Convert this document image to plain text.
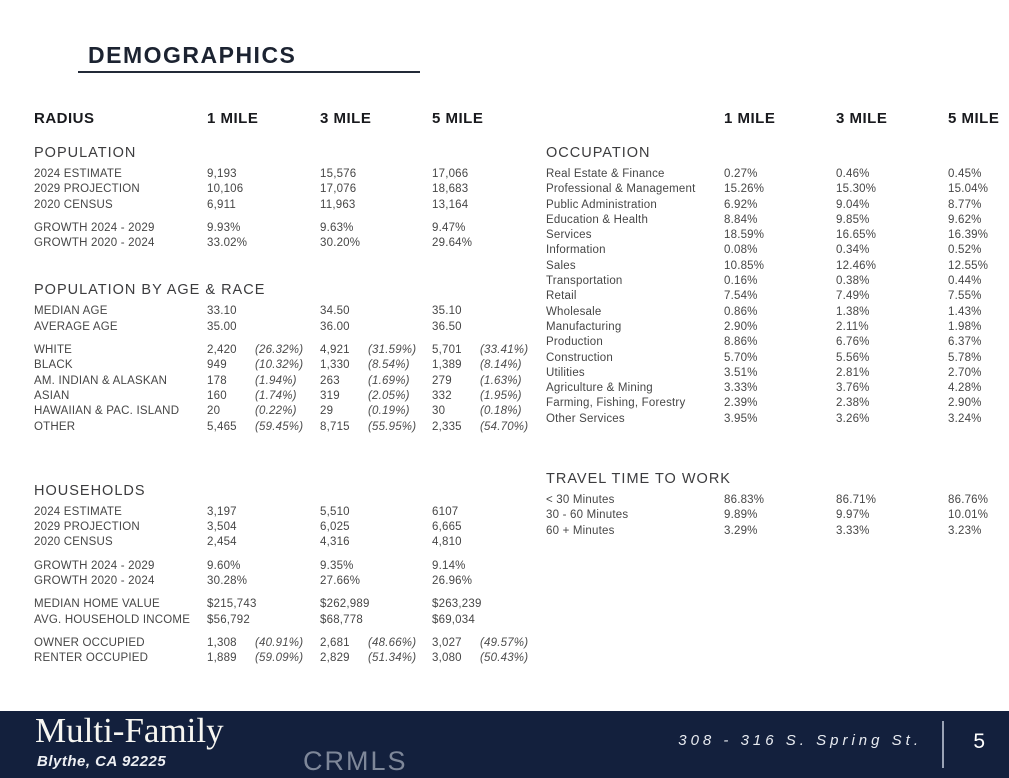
DEMOGRAPHICS
RADIUS	1 MILE	3 MILE	5 MILE
POPULATION
2024 ESTIMATE	9,193	15,576	17,066
2029 PROJECTION	10,106	17,076	18,683
2020 CENSUS	6,911	11,963	13,164
GROWTH 2024 - 2029	9.93%	9.63%	9.47%
GROWTH 2020 - 2024	33.02%	30.20%	29.64%
POPULATION BY AGE & RACE
MEDIAN AGE	33.10	34.50	35.10
AVERAGE AGE	35.00	36.00	36.50
WHITE	2,420	(26.32%) 4,921	(31.59%) 5,701	(33.41%)
BLACK	949	(10.32%) 1,330	(8.54%) 1,389	(8.14%)
AM. INDIAN & ALASKAN	178	(1.94%) 263	(1.69%) 279	(1.63%)
ASIAN	160	(1.74%) 319	(2.05%) 332	(1.95%)
HAWAIIAN & PAC. ISLAND	20	(0.22%) 29	(0.19%) 30	(0.18%)
OTHER	5,465	(59.45%) 8,715	(55.95%) 2,335	(54.70%)
HOUSEHOLDS
2024 ESTIMATE	3,197	5,510	6107
2029 PROJECTION	3,504	6,025	6,665
2020 CENSUS	2,454	4,316	4,810
GROWTH 2024 - 2029	9.60%	9.35%	9.14%
GROWTH 2020 - 2024	30.28%	27.66%	26.96%
MEDIAN HOME VALUE	$215,743	$262,989	$263,239
AVG. HOUSEHOLD INCOME	$56,792	$68,778	$69,034
OWNER OCCUPIED	1,308	(40.91%) 2,681	(48.66%) 3,027	(49.57%)
RENTER OCCUPIED	1,889	(59.09%) 2,829	(51.34%) 3,080	(50.43%)
1 MILE	3 MILE	5 MILE
OCCUPATION
Real Estate & Finance	0.27%	0.46%	0.45%
Professional & Management	15.26%	15.30%	15.04%
Public Administration	6.92%	9.04%	8.77%
Education & Health	8.84%	9.85%	9.62%
Services	18.59%	16.65%	16.39%
Information	0.08%	0.34%	0.52%
Sales	10.85%	12.46%	12.55%
Transportation	0.16%	0.38%	0.44%
Retail	7.54%	7.49%	7.55%
Wholesale	0.86%	1.38%	1.43%
Manufacturing	2.90%	2.11%	1.98%
Production	8.86%	6.76%	6.37%
Construction	5.70%	5.56%	5.78%
Utilities	3.51%	2.81%	2.70%
Agriculture & Mining	3.33%	3.76%	4.28%
Farming, Fishing, Forestry	2.39%	2.38%	2.90%
Other Services	3.95%	3.26%	3.24%
TRAVEL TIME TO WORK
< 30 Minutes	86.83%	86.71%	86.76%
30 - 60 Minutes	9.89%	9.97%	10.01%
60 + Minutes	3.29%	3.33%	3.23%
Multi-Family
Blythe, CA 92225	CRMLS
308 - 316 S. Spring St. 5
